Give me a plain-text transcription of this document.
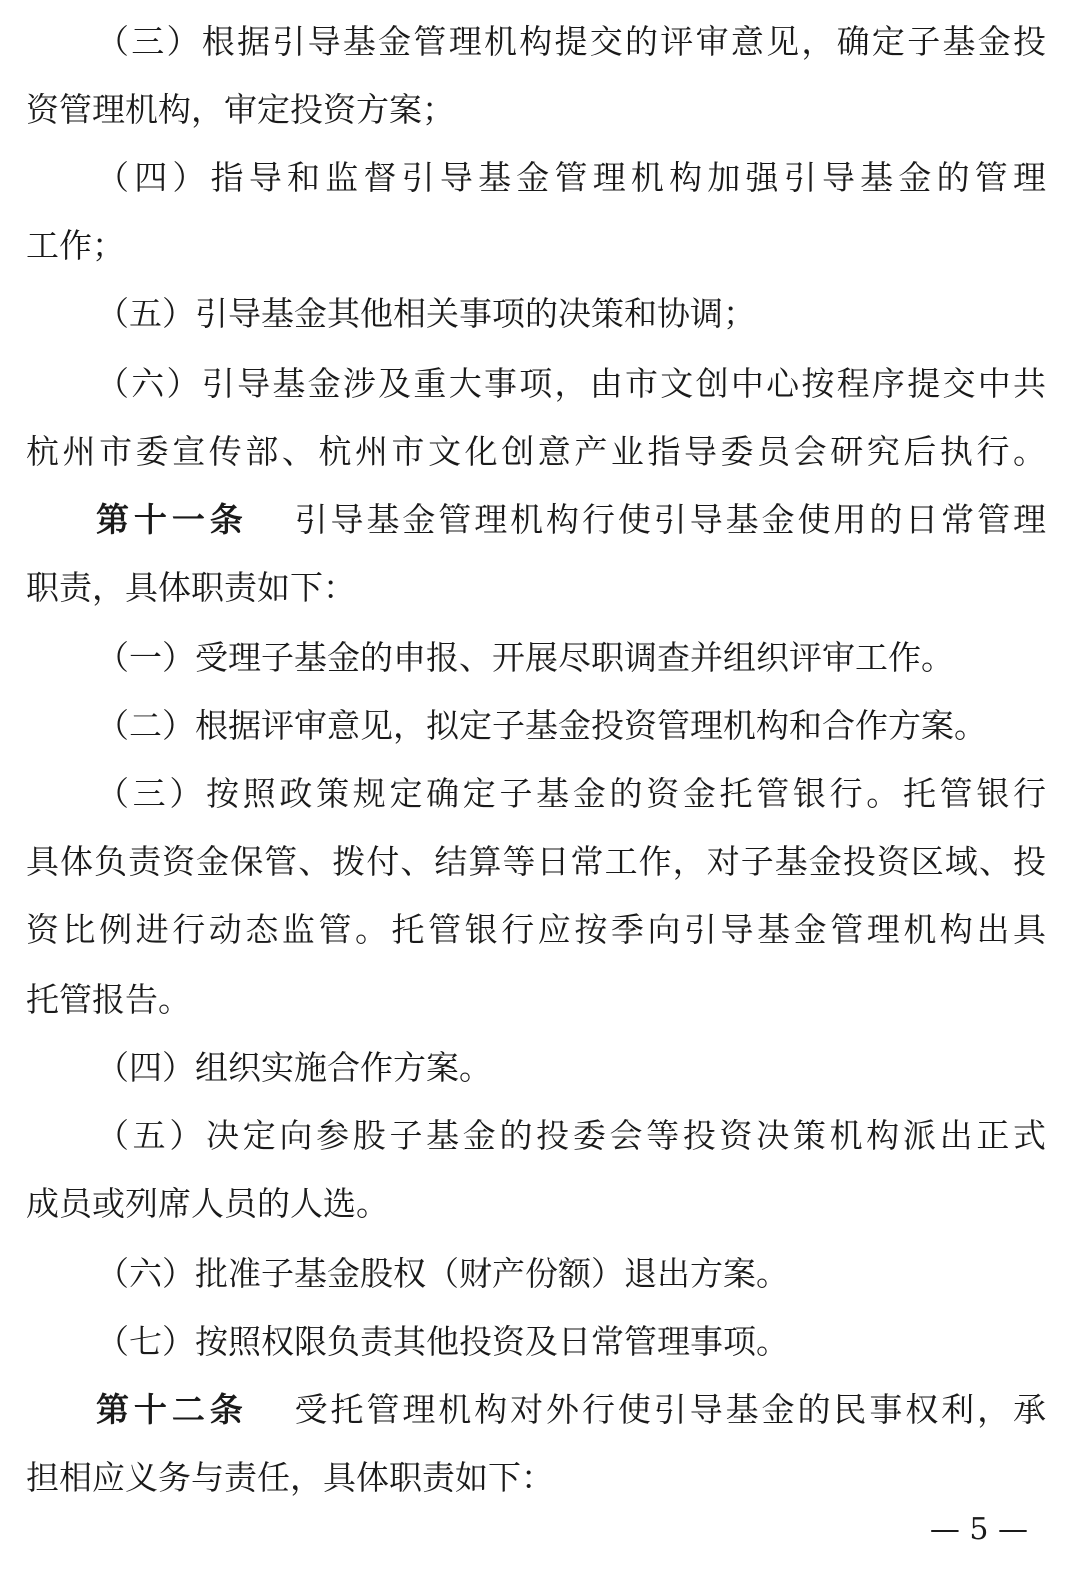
（三）根据引导基金管理机构提交的评审意见，确定子基金投
资管理机构，审定投资方案；
（四）指导和监督引导基金管理机构加强引导基金的管理
工作；
（五）引导基金其他相关事项的决策和协调；
（六）引导基金涉及重大事项，由市文创中心按程序提交中共
杭州市委宣传部、杭州市文化创意产业指导委员会研究后执行。
第十一条 引导基金管理机构行使引导基金使用的日常管理
职责，具体职责如下：
（一）受理子基金的申报、开展尽职调查并组织评审工作。
（二）根据评审意见，拟定子基金投资管理机构和合作方案。
（三）按照政策规定确定子基金的资金托管银行。托管银行
具体负责资金保管、拨付、结算等日常工作，对子基金投资区域、投
资比例进行动态监管。托管银行应按季向引导基金管理机构出具
托管报告。
（四）组织实施合作方案。
（五）决定向参股子基金的投委会等投资决策机构派出正式
成员或列席人员的人选。
（六）批准子基金股权（财产份额）退出方案。
（七）按照权限负责其他投资及日常管理事项。
第十二条 受托管理机构对外行使引导基金的民事权利，承
担相应义务与责任，具体职责如下：
— 5 —
